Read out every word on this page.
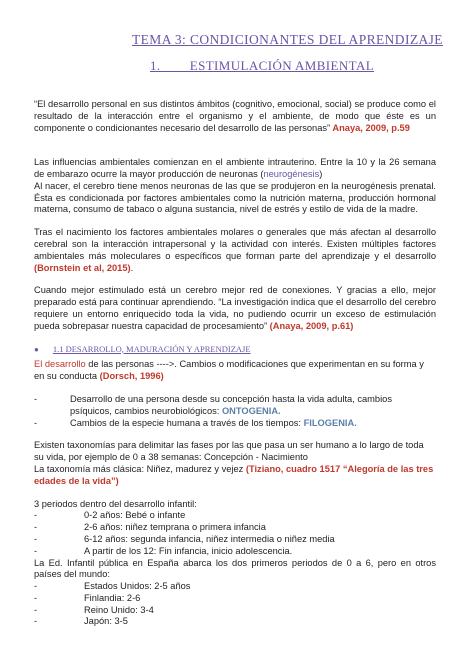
TEMA 3: CONDICIONANTES DEL APRENDIZAJE
1.        ESTIMULACIÓN AMBIENTAL

“El desarrollo personal en sus distintos ámbitos (cognitivo, emocional, social) se produce como el resultado de la interacción entre el organismo y el ambiente, de modo que éste es un componente o condicionantes necesario del desarrollo de las personas” Anaya, 2009, p.59

Las influencias ambientales comienzan en el ambiente intrauterino. Entre la 10 y la 26 semana de embarazo ocurre la mayor producción de neuronas (neurogénesis)
Al nacer, el cerebro tiene menos neuronas de las que se produjeron en la neurogénesis prenatal. Ésta es condicionada por factores ambientales como la nutrición materna, producción hormonal materna, consumo de tabaco o alguna sustancia, nivel de estrés y estilo de vida de la madre.

Tras el nacimiento los factores ambientales molares o generales que más afectan al desarrollo cerebral son la interacción intrapersonal y la actividad con interés. Existen múltiples factores ambientales más moleculares o específicos que forman parte del aprendizaje y el desarrollo (Bornstein et al, 2015).

Cuando mejor estimulado está un cerebro mejor red de conexiones. Y gracias a ello, mejor preparado está para continuar aprendiendo. “La investigación indica que el desarrollo del cerebro requiere un entorno enriquecido toda la vida, no pudiendo ocurrir un exceso de estimulación pueda sobrepasar nuestra capacidad de procesamiento” (Anaya, 2009, p.61)

● 1.1 DESARROLLO, MADURACIÓN Y APRENDIZAJE

El desarrollo de las personas ---->. Cambios o modificaciones que experimentan en su forma y en su conducta (Dorsch, 1996)

-	Desarrollo de una persona desde su concepción hasta la vida adulta, cambios psíquicos, cambios neurobiológicos: ONTOGENIA.
-	Cambios de la especie humana a través de los tiempos: FILOGENIA.

Existen taxonomías para delimitar las fases por las que pasa un ser humano a lo largo de toda su vida, por ejemplo de 0 a 38 semanas: Concepción - Nacimiento
La taxonomía más clásica: Niñez, madurez y vejez (Tiziano, cuadro 1517 “Alegoría de las tres edades de la vida”)

3 periodos dentro del desarrollo infantil:
-	0-2 años: Bebé o infante
-	2-6 años: niñez temprana o primera infancia
-	6-12 años: segunda infancia, niñez intermedia o niñez media
-	A partir de los 12: Fin infancia, inicio adolescencia.
La Ed. Infantil pública en España abarca los dos primeros periodos de 0 a 6, pero en otros países del mundo:
-	Estados Unidos: 2-5 años
-	Finlandia: 2-6
-	Reino Unido: 3-4
-	Japón: 3-5
